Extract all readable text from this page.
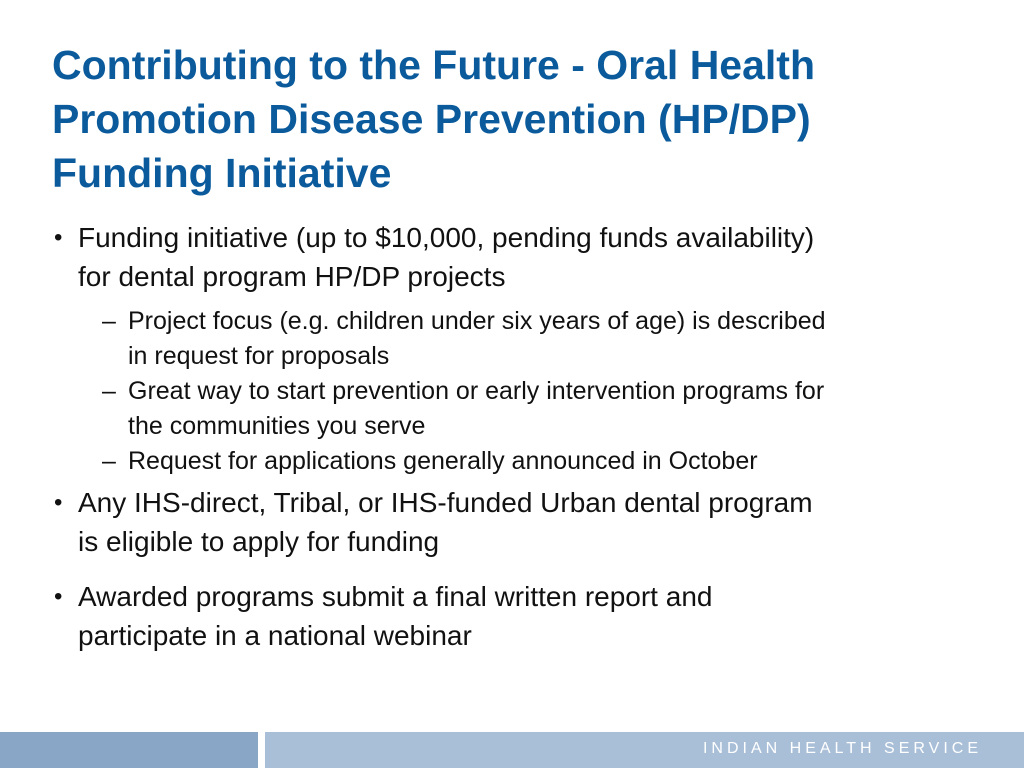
Contributing to the Future - Oral Health
Promotion Disease Prevention (HP/DP)
Funding Initiative
• Funding initiative (up to $10,000, pending funds availability)
for dental program HP/DP projects
– Project focus (e.g. children under six years of age) is described
in request for proposals
– Great way to start prevention or early intervention programs for
the communities you serve
– Request for applications generally announced in October
• Any IHS-direct, Tribal, or IHS-funded Urban dental program
is eligible to apply for funding
• Awarded programs submit a final written report and
participate in a national webinar
INDIAN HEALTH SERVICE
